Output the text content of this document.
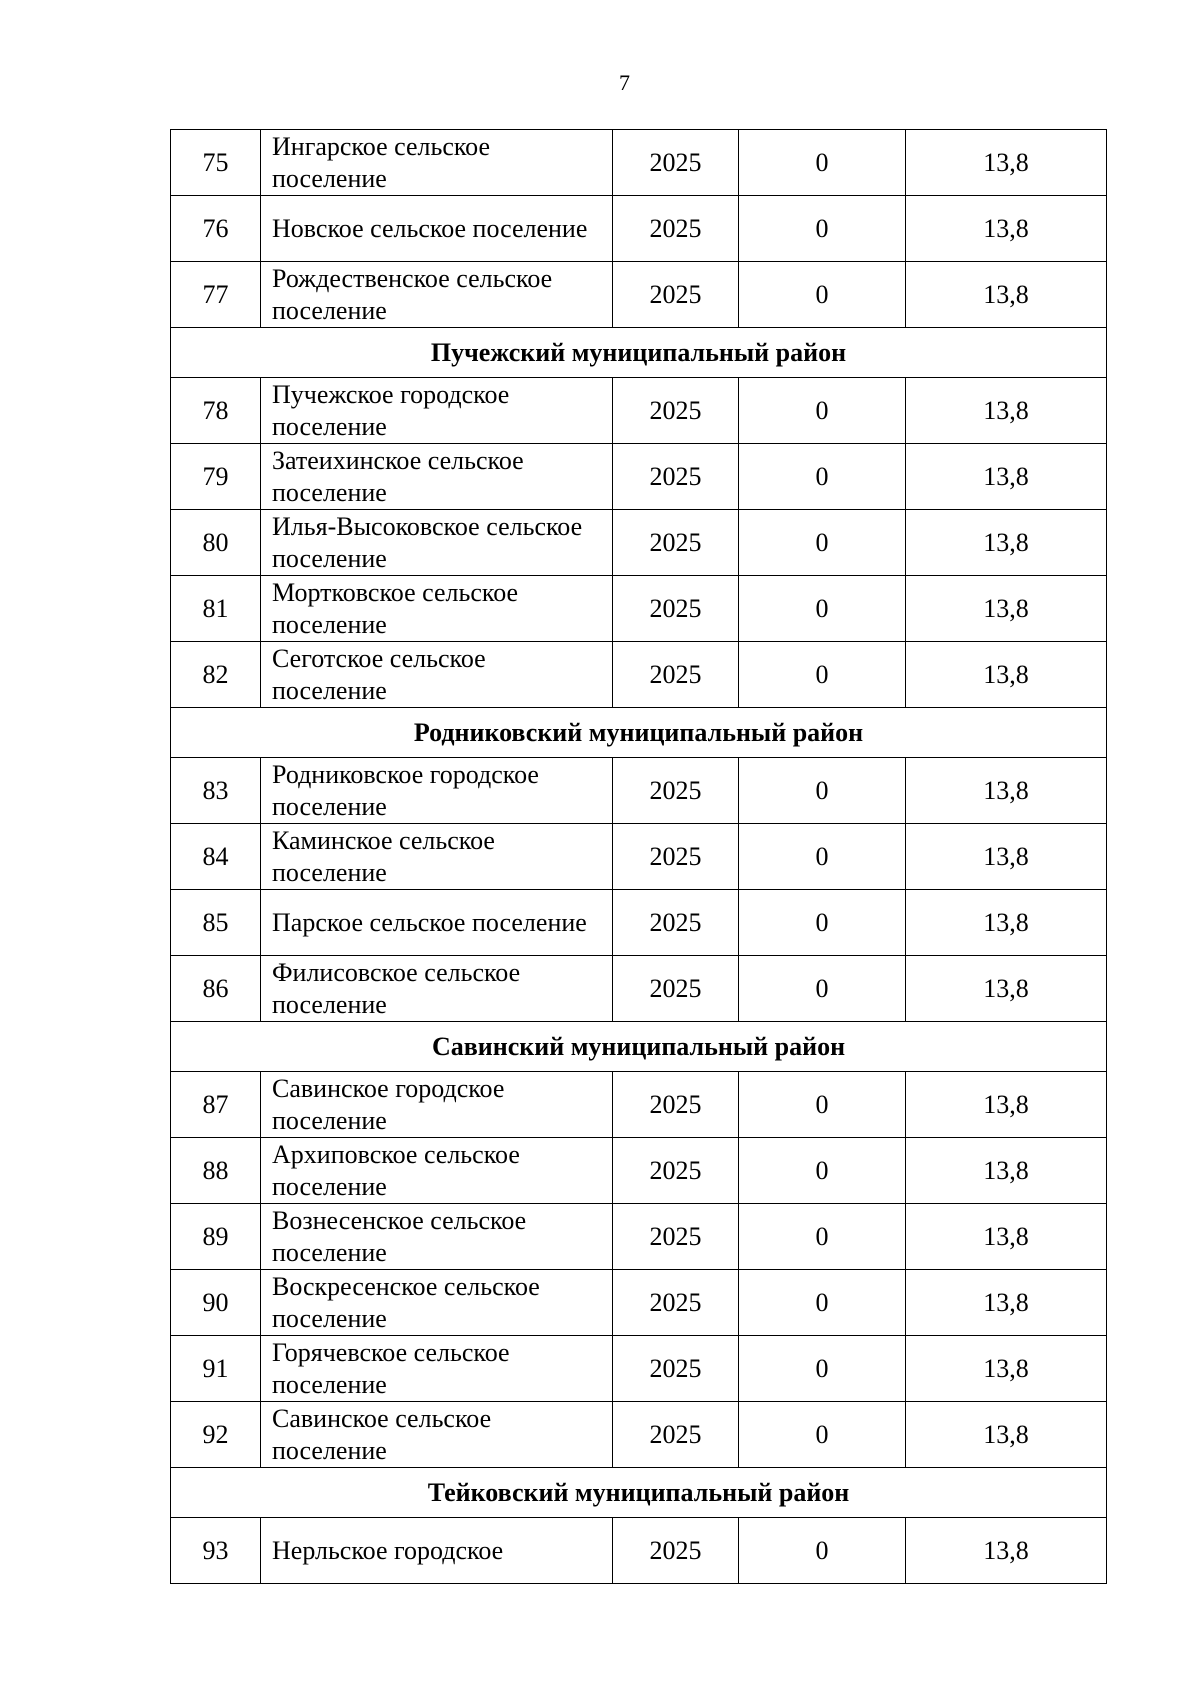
7
75	Ингарское сельское поселение	2025	0	13,8
76	Новское сельское поселение	2025	0	13,8
77	Рождественское сельское поселение	2025	0	13,8
Пучежский муниципальный район				
78	Пучежское городское поселение	2025	0	13,8
79	Затеихинское сельское поселение	2025	0	13,8
80	Илья-Высоковское сельское поселение	2025	0	13,8
81	Мортковское сельское поселение	2025	0	13,8
82	Сеготское сельское поселение	2025	0	13,8
Родниковский муниципальный район				
83	Родниковское городское поселение	2025	0	13,8
84	Каминское сельское поселение	2025	0	13,8
85	Парское сельское поселение	2025	0	13,8
86	Филисовское сельское поселение	2025	0	13,8
Савинский муниципальный район				
87	Савинское городское поселение	2025	0	13,8
88	Архиповское сельское поселение	2025	0	13,8
89	Вознесенское сельское поселение	2025	0	13,8
90	Воскресенское сельское поселение	2025	0	13,8
91	Горячевское сельское поселение	2025	0	13,8
92	Савинское сельское поселение	2025	0	13,8
Тейковский муниципальный район				
93	Нерльское городское	2025	0	13,8
